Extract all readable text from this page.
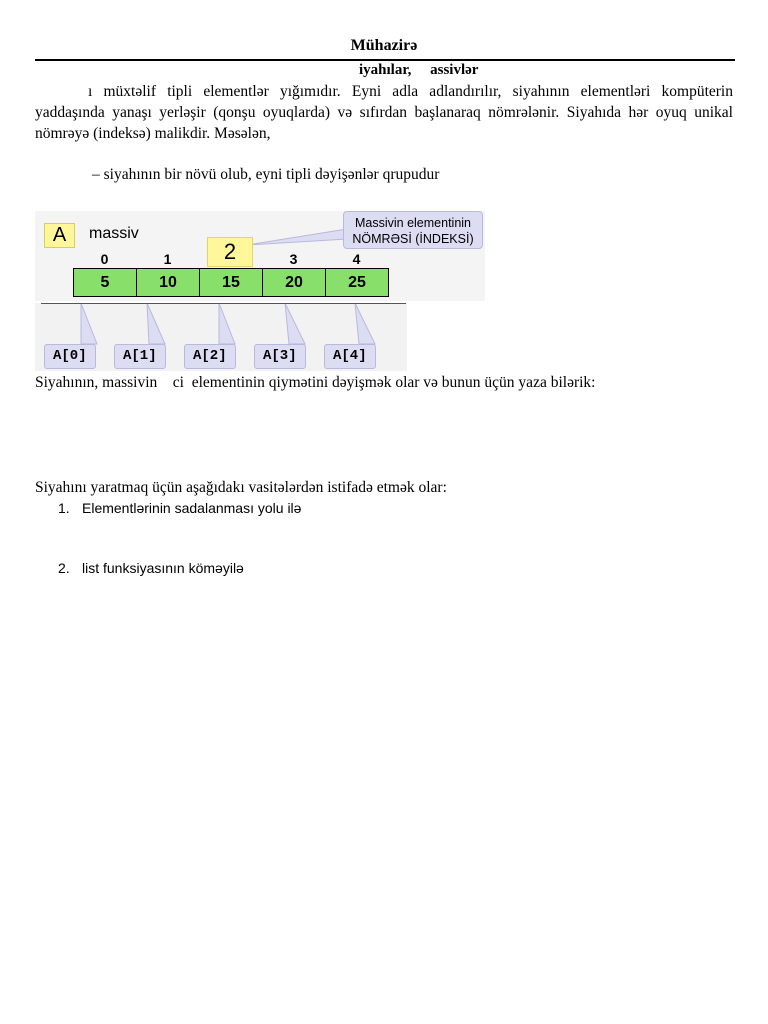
Mühazirə
iyahılar,     assivlər
ı müxtəlif tipli elementlər yığımıdır. Eyni adla adlandırılır, siyahının elementləri kompüterin yaddaşında yanaşı yerləşir (qonşu oyuqlarda) və sıfırdan başlanaraq nömrələnir. Siyahıda hər oyuq unikal nömrəyə (indeksə) malikdir. Məsələn,
– siyahının bir növü olub, eyni tipli dəyişənlər qrupudur
A	massiv
Massivin elementinin
NÖMRƏSİ (İNDEKSİ)
0	1	2	3	4
5	10	15	20	25
A[0]	A[1]	A[2]	A[3]	A[4]
Siyahının, massivin    ci  elementinin qiymətini dəyişmək olar və bunun üçün yaza bilərik:
Siyahını yaratmaq üçün aşağıdakı vasitələrdən istifadə etmək olar:
1. Elementlərinin sadalanması yolu ilə
2. list funksiyasının köməyilə
